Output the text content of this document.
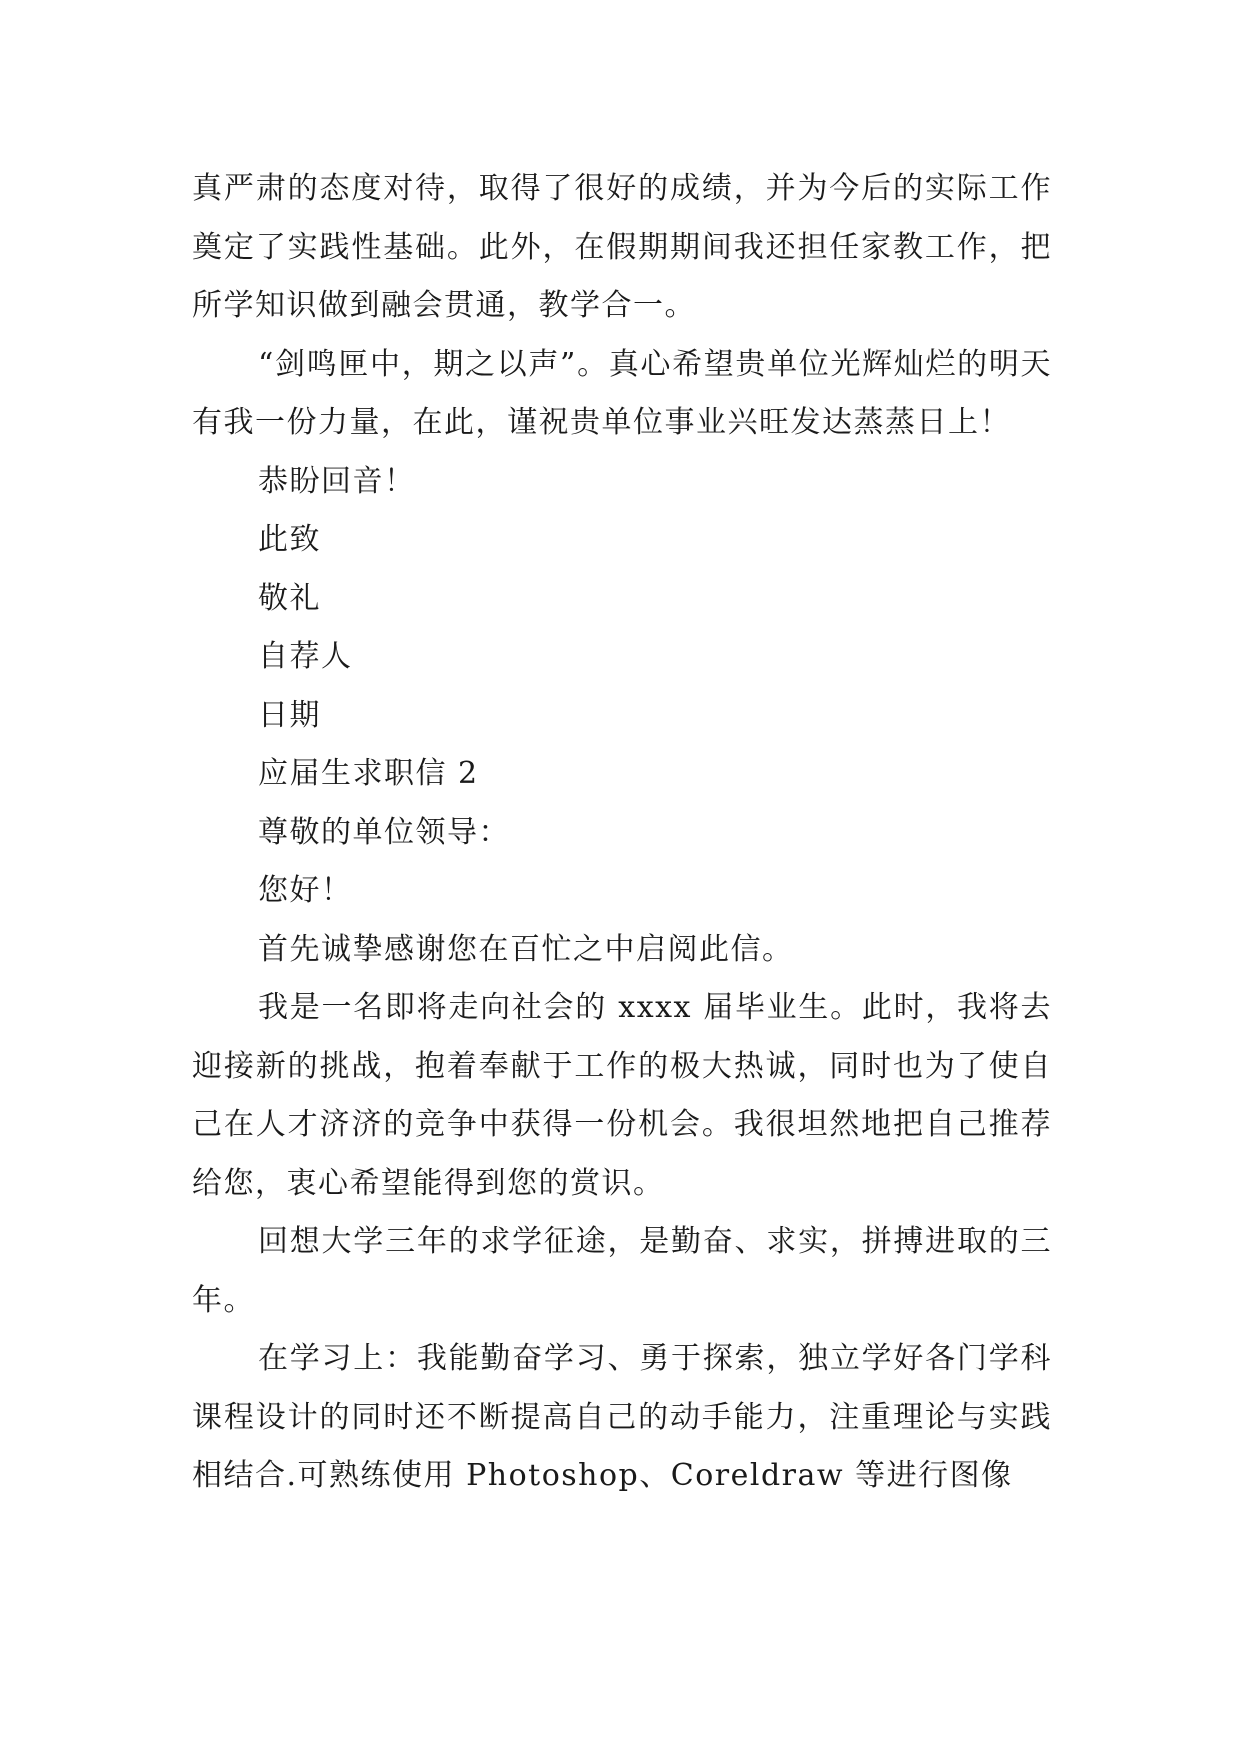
真严肃的态度对待，取得了很好的成绩，并为今后的实际工作奠定了实践性基础。此外，在假期期间我还担任家教工作，把所学知识做到融会贯通，教学合一。

“剑鸣匣中，期之以声”。真心希望贵单位光辉灿烂的明天有我一份力量，在此，谨祝贵单位事业兴旺发达蒸蒸日上！

恭盼回音！

此致

敬礼

自荐人

日期

应届生求职信 2

尊敬的单位领导：

您好！

首先诚挚感谢您在百忙之中启阅此信。

我是一名即将走向社会的 xxxx 届毕业生。此时，我将去迎接新的挑战，抱着奉献于工作的极大热诚，同时也为了使自己在人才济济的竞争中获得一份机会。我很坦然地把自己推荐给您，衷心希望能得到您的赏识。

回想大学三年的求学征途，是勤奋、求实，拼搏进取的三年。

在学习上：我能勤奋学习、勇于探索，独立学好各门学科课程设计的同时还不断提高自己的动手能力，注重理论与实践相结合.可熟练使用 Photoshop、Coreldraw 等进行图像
